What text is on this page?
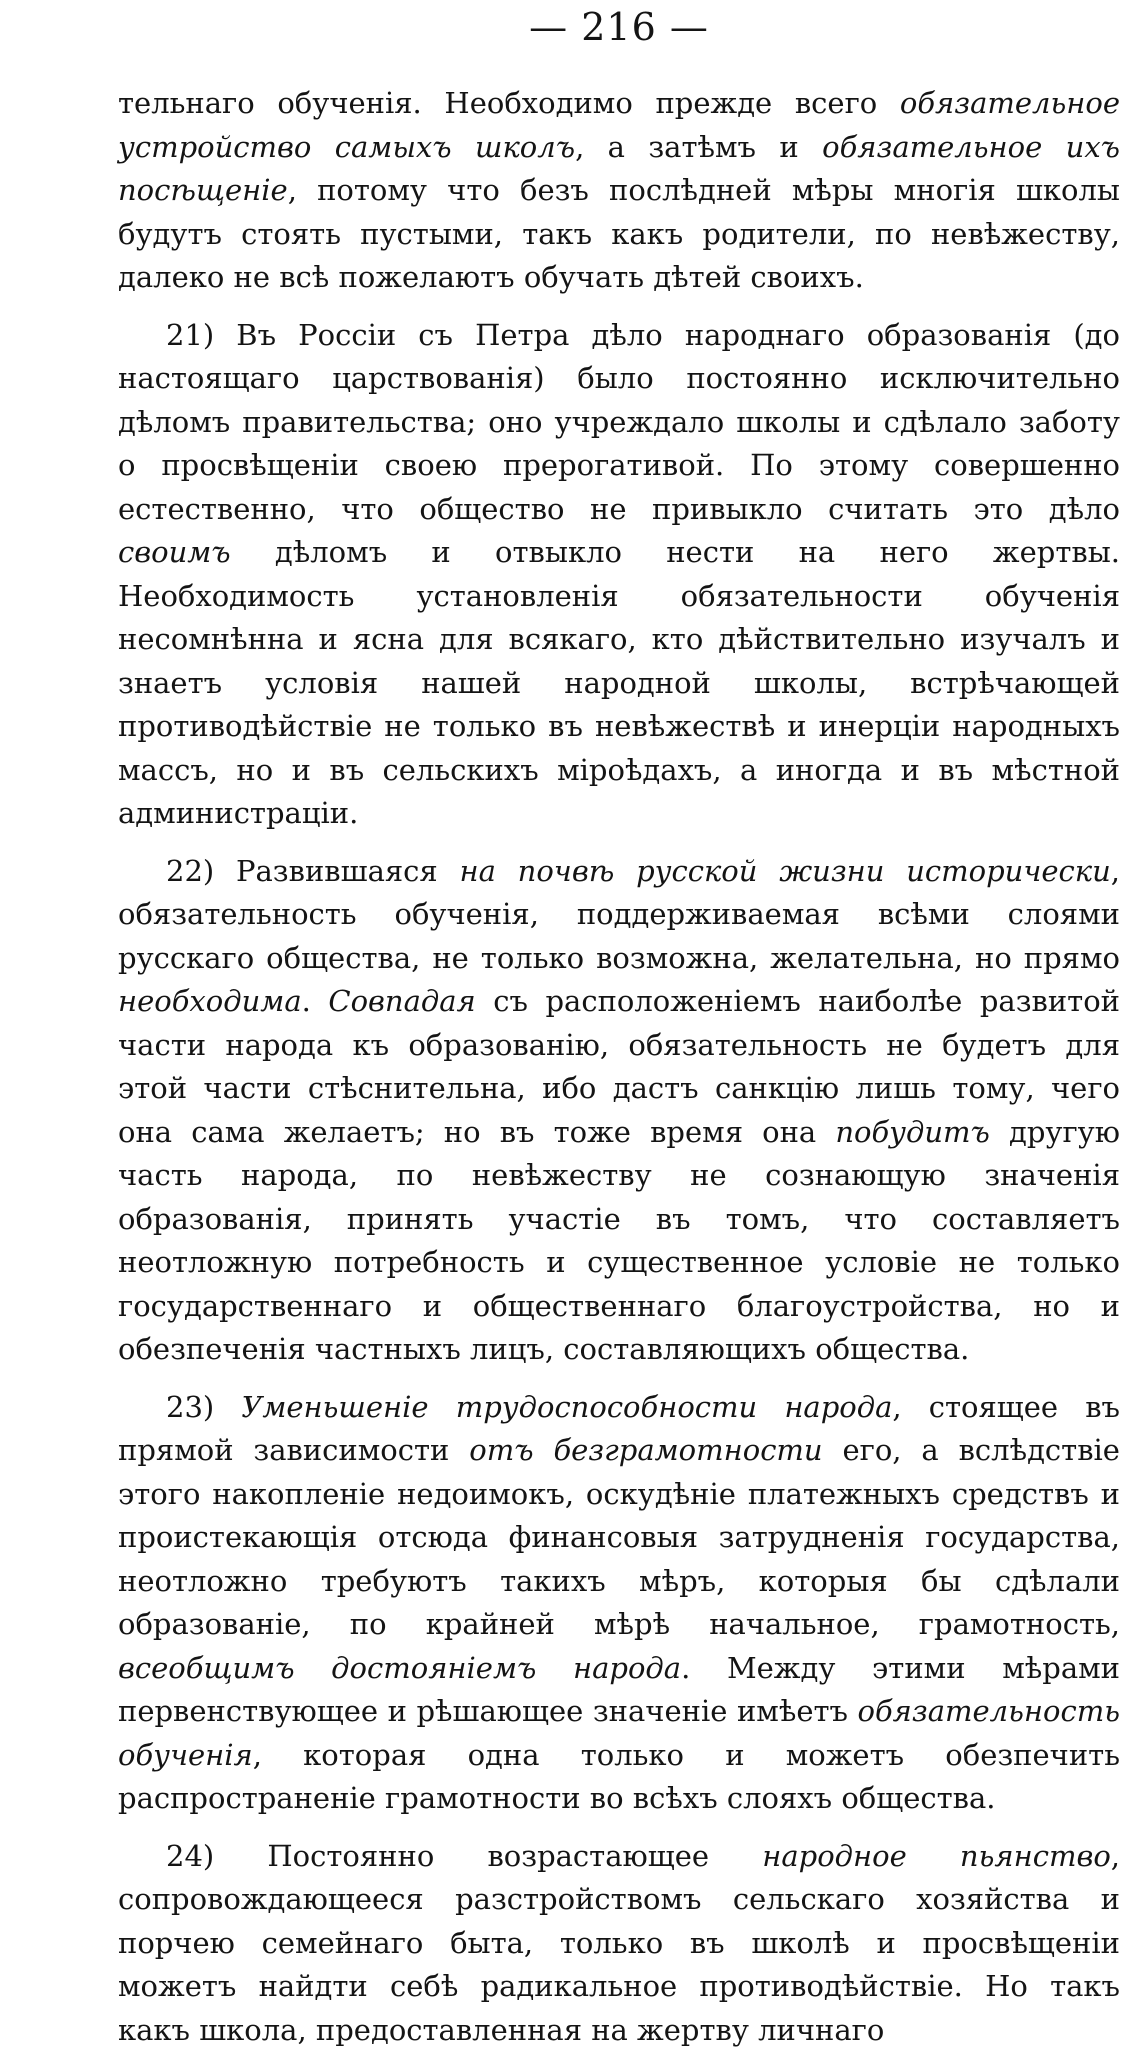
— 216 —

тельнаго обученія. Необходимо прежде всего обязательное устройство самыхъ школъ, а затѣмъ и обязательное ихъ посѣщеніе, потому что безъ послѣдней мѣры многія школы будутъ стоять пустыми, такъ какъ родители, по невѣжеству, далеко не всѣ пожелаютъ обучать дѣтей своихъ.

21) Въ Россіи съ Петра дѣло народнаго образованія (до настоящаго царствованія) было постоянно исключительно дѣломъ правительства; оно учреждало школы и сдѣлало заботу о просвѣщеніи своею прерогативой. По этому совершенно естественно, что общество не привыкло считать это дѣло своимъ дѣломъ и отвыкло нести на него жертвы. Необходимость установленія обязательности обученія несомнѣнна и ясна для всякаго, кто дѣйствительно изучалъ и знаетъ условія нашей народной школы, встрѣчающей противодѣйствіе не только въ невѣжествѣ и инерціи народныхъ массъ, но и въ сельскихъ міроѣдахъ, а иногда и въ мѣстной администраціи.

22) Развившаяся на почвѣ русской жизни исторически, обязательность обученія, поддерживаемая всѣми слоями русскаго общества, не только возможна, желательна, но прямо необходима. Совпадая съ расположеніемъ наиболѣе развитой части народа къ образованію, обязательность не будетъ для этой части стѣснительна, ибо дастъ санкцію лишь тому, чего она сама желаетъ; но въ тоже время она побудитъ другую часть народа, по невѣжеству не сознающую значенія образованія, принять участіе въ томъ, что составляетъ неотложную потребность и существенное условіе не только государственнаго и общественнаго благоустройства, но и обезпеченія частныхъ лицъ, составляющихъ общества.

23) Уменьшеніе трудоспособности народа, стоящее въ прямой зависимости отъ безграмотности его, а вслѣдствіе этого накопленіе недоимокъ, оскудѣніе платежныхъ средствъ и проистекающія отсюда финансовыя затрудненія государства, неотложно требуютъ такихъ мѣръ, которыя бы сдѣлали образованіе, по крайней мѣрѣ начальное, грамотность, всеобщимъ достояніемъ народа. Между этими мѣрами первенствующее и рѣшающее значеніе имѣетъ обязательность обученія, которая одна только и можетъ обезпечить распространеніе грамотности во всѣхъ слояхъ общества.

24) Постоянно возрастающее народное пьянство, сопровождающееся разстройствомъ сельскаго хозяйства и порчею семейнаго быта, только въ школѣ и просвѣщеніи можетъ найдти себѣ радикальное противодѣйствіе. Но такъ какъ школа, предоставленная на жертву личнаго
